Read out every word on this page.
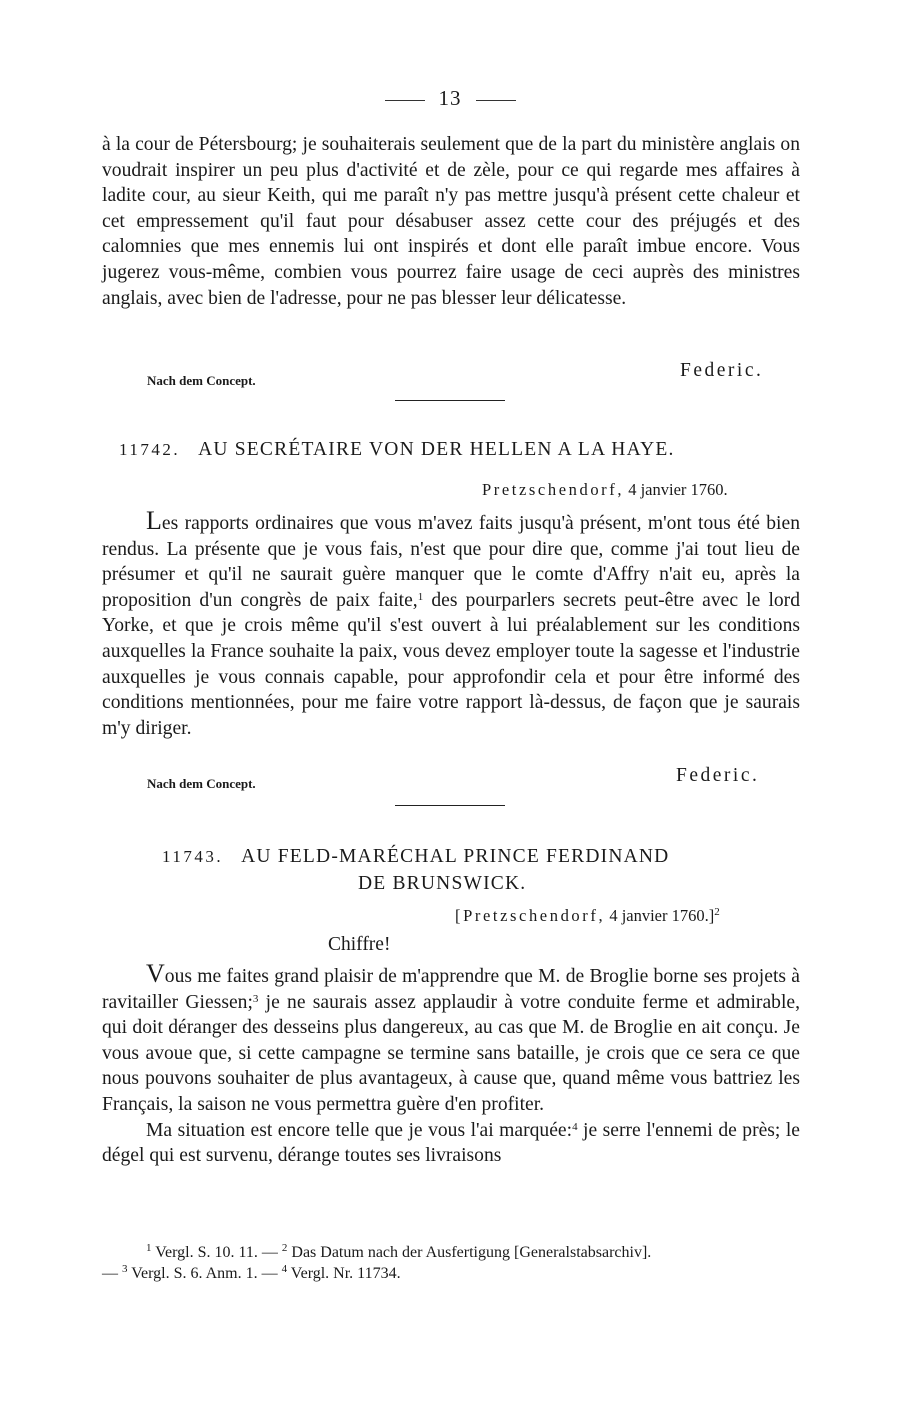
13

à la cour de Pétersbourg; je souhaiterais seulement que de la part du ministère anglais on voudrait inspirer un peu plus d'activité et de zèle, pour ce qui regarde mes affaires à ladite cour, au sieur Keith, qui me paraît n'y pas mettre jusqu'à présent cette chaleur et cet empressement qu'il faut pour désabuser assez cette cour des préjugés et des calomnies que mes ennemis lui ont inspirés et dont elle paraît imbue encore. Vous jugerez vous-même, combien vous pourrez faire usage de ceci auprès des ministres anglais, avec bien de l'adresse, pour ne pas blesser leur délicatesse.

Nach dem Concept.	Federic.
11742. AU SECRÉTAIRE VON DER HELLEN A LA HAYE.
Pretzschendorf, 4 janvier 1760.

Les rapports ordinaires que vous m'avez faits jusqu'à présent, m'ont tous été bien rendus. La présente que je vous fais, n'est que pour dire que, comme j'ai tout lieu de présumer et qu'il ne saurait guère manquer que le comte d'Affry n'ait eu, après la proposition d'un congrès de paix faite,$^1$ des pourparlers secrets peut-être avec le lord Yorke, et que je crois même qu'il s'est ouvert à lui préalablement sur les conditions auxquelles la France souhaite la paix, vous devez employer toute la sagesse et l'industrie auxquelles je vous connais capable, pour approfondir cela et pour être informé des conditions mentionnées, pour me faire votre rapport là-dessus, de façon que je saurais m'y diriger.

Nach dem Concept.	Federic.
11743. AU FELD-MARÉCHAL PRINCE FERDINAND
DE BRUNSWICK.
[Pretzschendorf, 4 janvier 1760.]$^2$
Chiffre!

Vous me faites grand plaisir de m'apprendre que M. de Broglie borne ses projets à ravitailler Giessen;$^3$ je ne saurais assez applaudir à votre conduite ferme et admirable, qui doit déranger des desseins plus dangereux, au cas que M. de Broglie en ait conçu. Je vous avoue que, si cette campagne se termine sans bataille, je crois que ce sera ce que nous pouvons souhaiter de plus avantageux, à cause que, quand même vous battriez les Français, la saison ne vous permettra guère d'en profiter.

Ma situation est encore telle que je vous l'ai marquée:$^4$ je serre l'ennemi de près; le dégel qui est survenu, dérange toutes ses livraisons

$^1$ Vergl. S. 10. 11. — $^2$ Das Datum nach der Ausfertigung [Generalstabsarchiv].

— $^3$ Vergl. S. 6. Anm. 1. — $^4$ Vergl. Nr. 11734.
